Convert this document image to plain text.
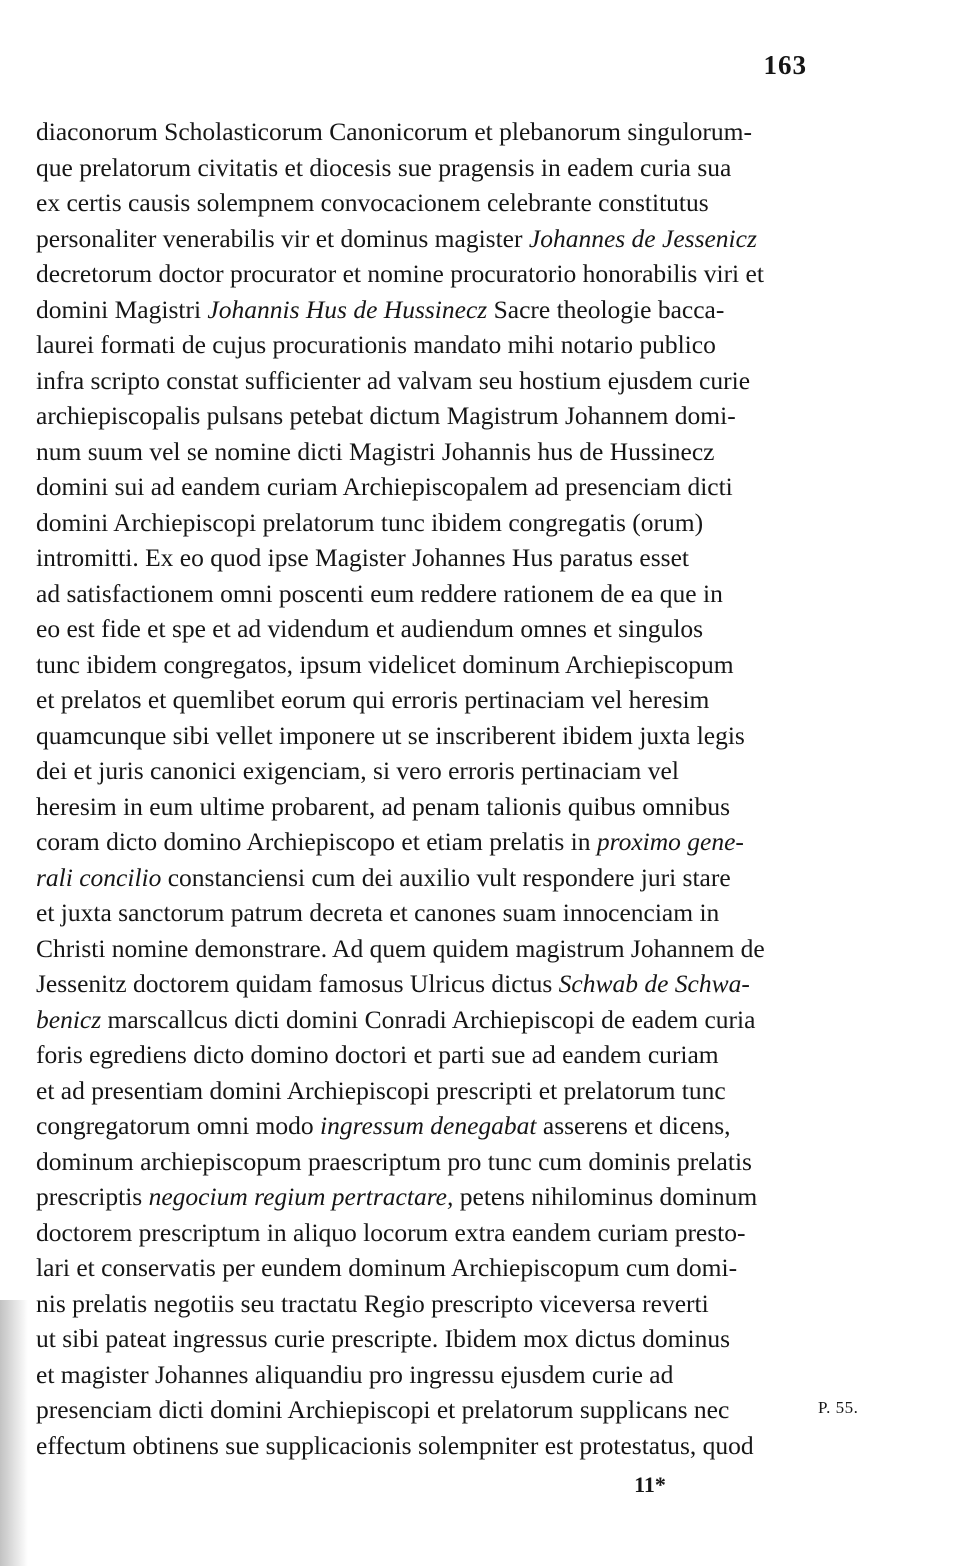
163
diaconorum Scholasticorum Canonicorum et plebanorum singulorum-
que prelatorum civitatis et diocesis sue pragensis in eadem curia sua
ex certis causis solempnem convocacionem celebrante constitutus
personaliter venerabilis vir et dominus magister Johannes de Jessenicz
decretorum doctor procurator et nomine procuratorio honorabilis viri et
domini Magistri Johannis Hus de Hussinecz Sacre theologie bacca-
laurei formati de cujus procurationis mandato mihi notario publico
infra scripto constat sufficienter ad valvam seu hostium ejusdem curie
archiepiscopalis pulsans petebat dictum Magistrum Johannem domi-
num suum vel se nomine dicti Magistri Johannis hus de Hussinecz
domini sui ad eandem curiam Archiepiscopalem ad presenciam dicti
domini Archiepiscopi prelatorum tunc ibidem congregatis (orum)
intromitti. Ex eo quod ipse Magister Johannes Hus paratus esset
ad satisfactionem omni poscenti eum reddere rationem de ea que in
eo est fide et spe et ad videndum et audiendum omnes et singulos
tunc ibidem congregatos, ipsum videlicet dominum Archiepiscopum
et prelatos et quemlibet eorum qui erroris pertinaciam vel heresim
quamcunque sibi vellet imponere ut se inscriberent ibidem juxta legis
dei et juris canonici exigenciam, si vero erroris pertinaciam vel
heresim in eum ultime probarent, ad penam talionis quibus omnibus
coram dicto domino Archiepiscopo et etiam prelatis in proximo gene-
rali concilio constanciensi cum dei auxilio vult respondere juri stare
et juxta sanctorum patrum decreta et canones suam innocenciam in
Christi nomine demonstrare. Ad quem quidem magistrum Johannem de
Jessenitz doctorem quidam famosus Ulricus dictus Schwab de Schwa-
benicz marscallcus dicti domini Conradi Archiepiscopi de eadem curia
foris egrediens dicto domino doctori et parti sue ad eandem curiam
et ad presentiam domini Archiepiscopi prescripti et prelatorum tunc
congregatorum omni modo ingressum denegabat asserens et dicens,
dominum archiepiscopum praescriptum pro tunc cum dominis prelatis
prescriptis negocium regium pertractare, petens nihilominus dominum
doctorem prescriptum in aliquo locorum extra eandem curiam presto-
lari et conservatis per eundem dominum Archiepiscopum cum domi-
nis prelatis negotiis seu tractatu Regio prescripto viceversa reverti
ut sibi pateat ingressus curie prescripte. Ibidem mox dictus dominus
et magister Johannes aliquandiu pro ingressu ejusdem curie ad
presenciam dicti domini Archiepiscopi et prelatorum supplicans nec
effectum obtinens sue supplicacionis solempniter est protestatus, quod
P. 55.
11*
